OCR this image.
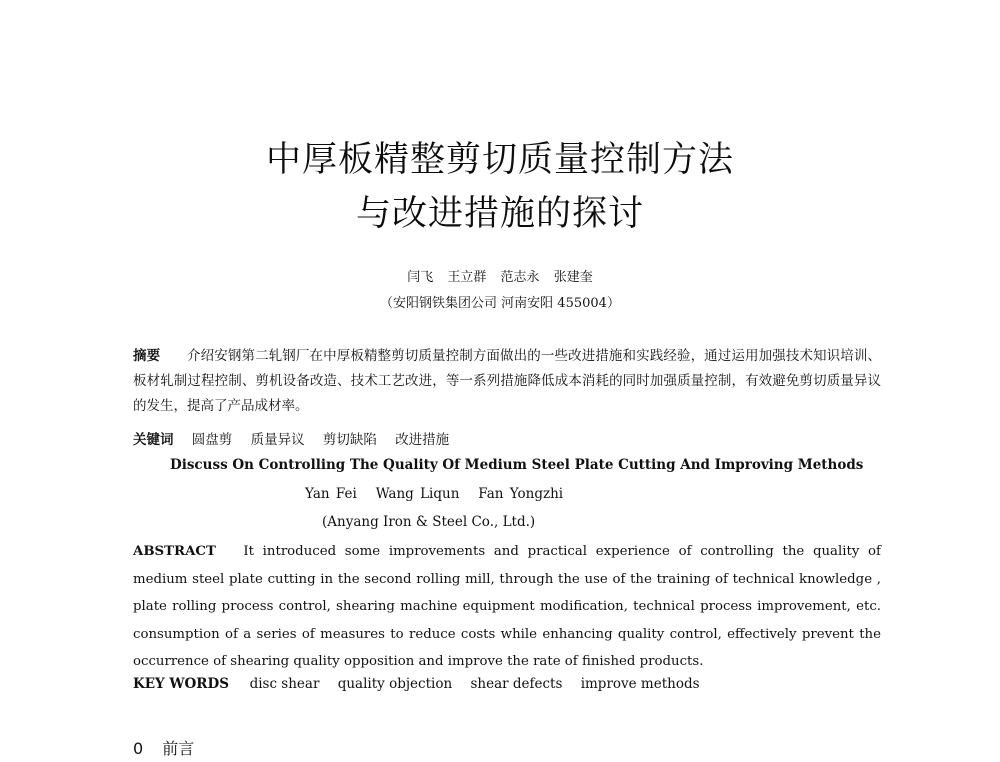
中厚板精整剪切质量控制方法
与改进措施的探讨
闫飞 王立群 范志永 张建奎
（安阳钢铁集团公司 河南安阳 455004）
摘要 介绍安钢第二轧钢厂在中厚板精整剪切质量控制方面做出的一些改进措施和实践经验，通过运用加强技术知识培训、板材轧制过程控制、剪机设备改造、技术工艺改进，等一系列措施降低成本消耗的同时加强质量控制，有效避免剪切质量异议的发生，提高了产品成材率。
关键词 圆盘剪 质量异议 剪切缺陷 改进措施
Discuss On Controlling The Quality Of Medium Steel Plate Cutting And Improving Methods
Yan Fei   Wang Liqun   Fan Yongzhi
(Anyang Iron & Steel Co., Ltd.)
ABSTRACT It introduced some improvements and practical experience of controlling the quality of medium steel plate cutting in the second rolling mill, through the use of the training of technical knowledge , plate rolling process control, shearing machine equipment modification, technical process improvement, etc. consumption of a series of measures to reduce costs while enhancing quality control, effectively prevent the occurrence of shearing quality opposition and improve the rate of finished products.
KEY WORDS disc shear quality objection shear defects improve methods
0 前言
